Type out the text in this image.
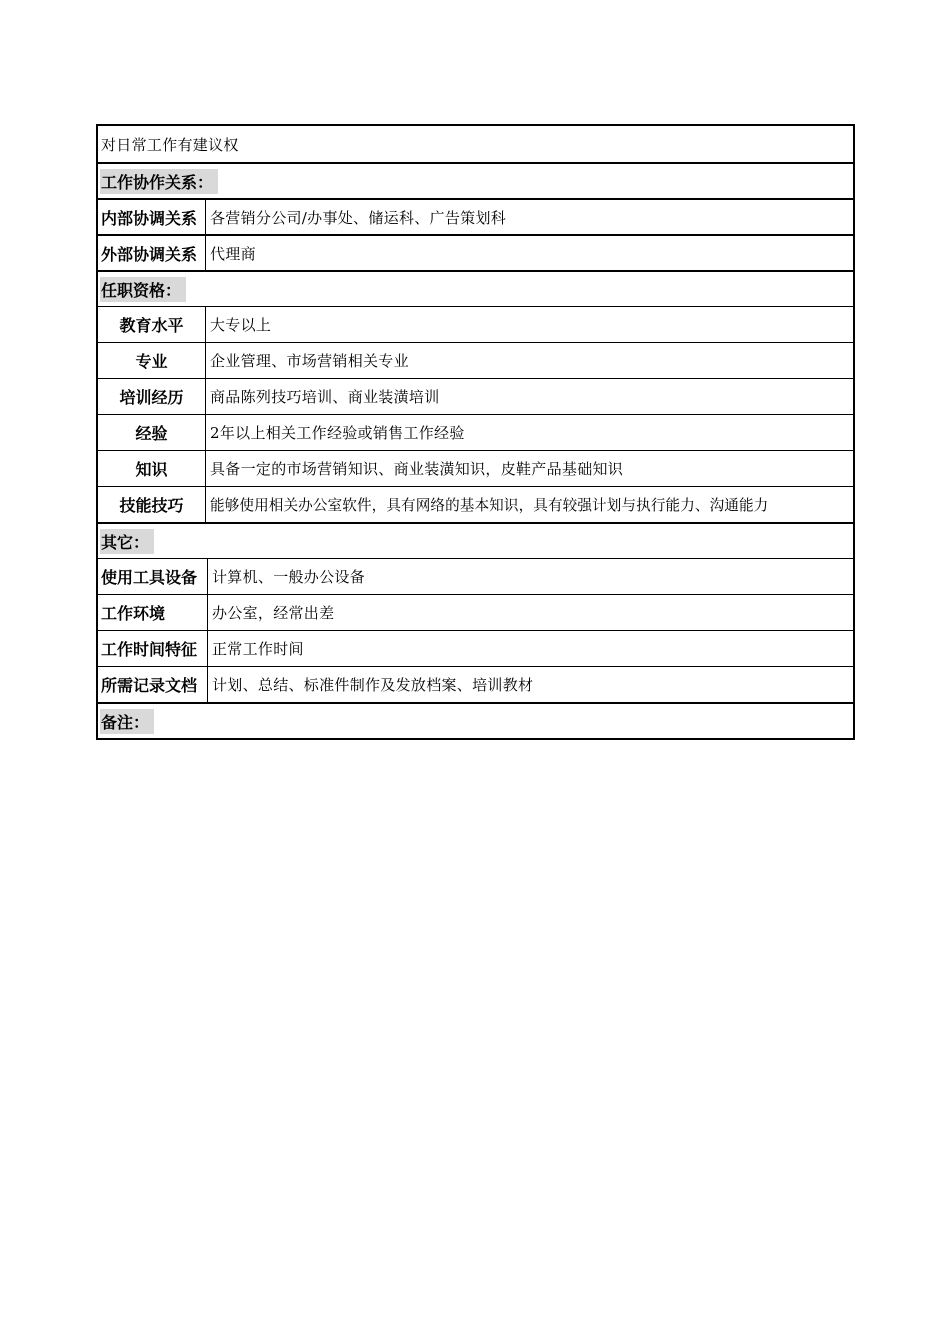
对日常工作有建议权
工作协作关系：
内部协调关系 各营销分公司/办事处、储运科、广告策划科
外部协调关系 代理商
任职资格：
教育水平	大专以上
专业	企业管理、市场营销相关专业
培训经历	商品陈列技巧培训、商业装潢培训
经验	2年以上相关工作经验或销售工作经验
知识	具备一定的市场营销知识、商业装潢知识，皮鞋产品基础知识
技能技巧	能够使用相关办公室软件，具有网络的基本知识，具有较强计划与执行能力、沟通能力
其它：
使用工具设备 计算机、一般办公设备
工作环境	办公室，经常出差
工作时间特征 正常工作时间
所需记录文档 计划、总结、标准件制作及发放档案、培训教材
备注：
